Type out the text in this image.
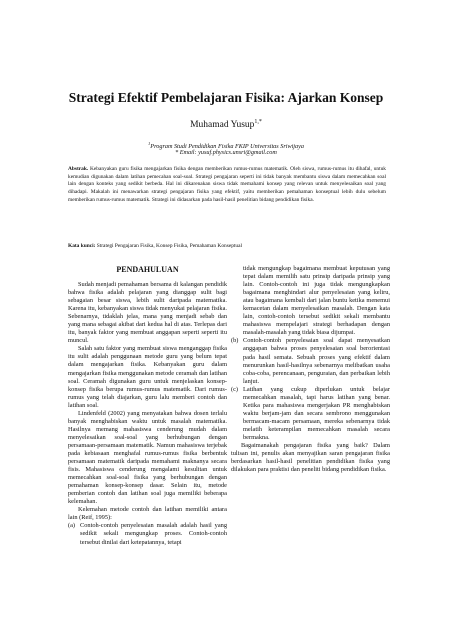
Strategi Efektif Pembelajaran Fisika: Ajarkan Konsep
Muhamad Yusup$^{1,*}$
$^1$Program Studi Pendidikan Fisika FKIP Universitas Sriwijaya
* Email: yusuf.physics.unsri@gmail.com
Abstrak. Kebanyakan guru fisika mengajarkan fisika dengan memberikan rumus-rumus matematik. Oleh siswa, rumus-rumus itu dihafal, untuk kemudian digunakan dalam latihan pemecahan soal-soal. Strategi pengajaran seperti ini tidak banyak membantu siswa dalam memecahkan soal lain dengan konteks yang sedikit berbeda. Hal ini dikarenakan siswa tidak memahami konsep yang relevan untuk menyelesaikan soal yang dihadapi. Makalah ini menawarkan strategi pengajaran fisika yang efektif, yaitu memberikan pemahaman konseptual lebih dulu sebelum memberikan rumus-rumus matematik. Strategi ini didasarkan pada hasil-hasil penelitian bidang pendidikan fisika.
Kata kunci: Strategi Pengajaran Fisika, Konsep Fisika, Pemahaman Konseptual
PENDAHULUAN

Sudah menjadi pemahaman bersama di kalangan pendidik bahwa fisika adalah pelajaran yang dianggap sulit bagi sebagaian besar siswa, lebih sulit daripada matematika. Karena itu, kebanyakan siswa tidak menyukai pelajaran fisika. Sebenarnya, tidaklah jelas, mana yang menjadi sebab dan yang mana sebagai akibat dari kedua hal di atas. Terlepas dari itu, banyak faktor yang membuat anggapan seperti seperti itu muncul.

Salah satu faktor yang membuat siswa menganggap fisika itu sulit adalah penggunaan metode guru yang belum tepat dalam mengajarkan fisika. Kebanyakan guru dalam mengajarkan fisika menggunakan metode ceramah dan latihan soal. Ceramah digunakan guru untuk menjelaskan konsep-konsep fisika berupa rumus-rumus matematik. Dari rumus-rumus yang telah diajarkan, guru lalu memberi contoh dan latihan soal.

Lindenfeld (2002) yang menyatakan bahwa dosen terlalu banyak menghabiskan waktu untuk masalah matematika. Hasilnya memang mahasiswa cenderung mudah dalam menyelesaikan soal-soal yang berhubungan dengan persamaan-persamaan matematik. Namun mahasiswa terjebak pada kebiasaan menghafal rumus-rumus fisika berbentuk persamaan matematik daripada memahami maknanya secara fisis. Mahasiswa cenderung mengalami kesulitan untuk memecahkan soal-soal fisika yang berhubungan dengan pemahaman konsep-konsep dasar. Selain itu, metode pemberian contoh dan latihan soal juga memiliki beberapa kelemahan.

Kelemahan metode contoh dan latihan memiliki antara lain (Reif, 1995):

(a) Contoh-contoh penyelesaian masalah adalah hasil yang sedikit sekali mengungkap proses. Contoh-contoh tersebut dinilai dari ketepatannya, tetapi
tidak mengungkap bagaimana membuat keputusan yang tepat dalam memilih satu prinsip daripada prinsip yang lain. Contoh-contoh ini juga tidak mengungkapkan bagaimana menghindari alur penyelesaian yang keliru, atau bagaimana kembali dari jalan buntu ketika menemui kemacetan dalam menyelesaikan masalah. Dengan kata lain, contoh-contoh tersebut sedikit sekali membantu mahasiswa mempelajari strategi berhadapan dengan masalah-masalah yang tidak biasa dijumpai.
(b) Contoh-contoh penyelesaian soal dapat menyesatkan anggapan bahwa proses penyelesaian soal berorientasi pada hasil semata. Sebuah proses yang efektif dalam menurunkan hasil-hasilnya sebenarnya melibatkan usaha coba-coba, perencanaan, penguraian, dan perbaikan lebih lanjut.
(c) Latihan yang cukup diperlukan untuk belajar memecahkan masalah, tapi harus latihan yang benar. Ketika para mahasiswa mengerjakan PR menghabiskan waktu berjam-jam dan secara sembrono menggunakan bermacam-macam persamaan, mereka sebenarnya tidak melatih keterampilan memecahkan masalah secara bermakna.

Bagaimanakah pengajaran fisika yang baik? Dalam tulisan ini, penulis akan menyajikan saran pengajaran fisika berdasarkan hasil-hasil penelitian pendidikan fisika yang dilakukan para praktisi dan peneliti bidang pendidikan fisika.
